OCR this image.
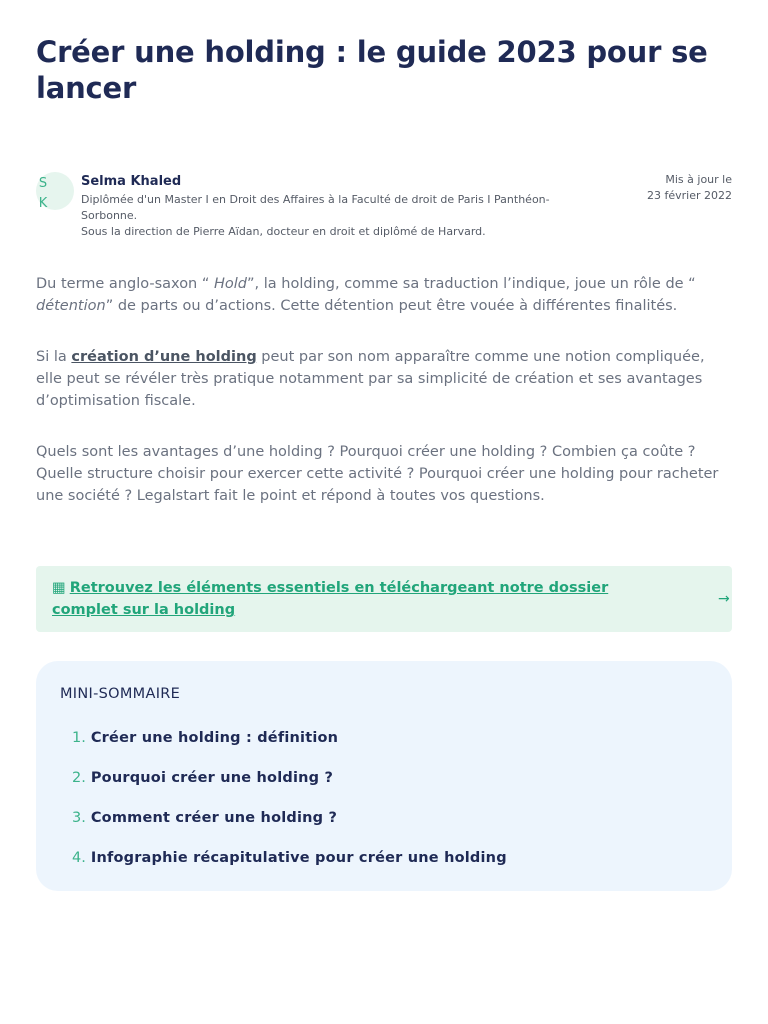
Créer une holding : le guide 2023 pour se lancer
SK
Selma Khaled
Diplômée d'un Master I en Droit des Affaires à la Faculté de droit de Paris I Panthéon-Sorbonne.
Sous la direction de Pierre Aïdan, docteur en droit et diplômé de Harvard.
Mis à jour le
23 février 2022

Du terme anglo-saxon “ Hold”, la holding, comme sa traduction l’indique, joue un rôle de “ détention” de parts ou d’actions. Cette détention peut être vouée à différentes finalités.

Si la création d’une holding peut par son nom apparaître comme une notion compliquée, elle peut se révéler très pratique notamment par sa simplicité de création et ses avantages d’optimisation fiscale.

Quels sont les avantages d’une holding ? Pourquoi créer une holding ? Combien ça coûte ? Quelle structure choisir pour exercer cette activité ? Pourquoi créer une holding pour racheter une société ? Legalstart fait le point et répond à toutes vos questions.

▦ Retrouvez les éléments essentiels en téléchargeant notre dossier complet sur la holding
→
MINI-SOMMAIRE
1. Créer une holding : définition
2. Pourquoi créer une holding ?
3. Comment créer une holding ?
4. Infographie récapitulative pour créer une holding
